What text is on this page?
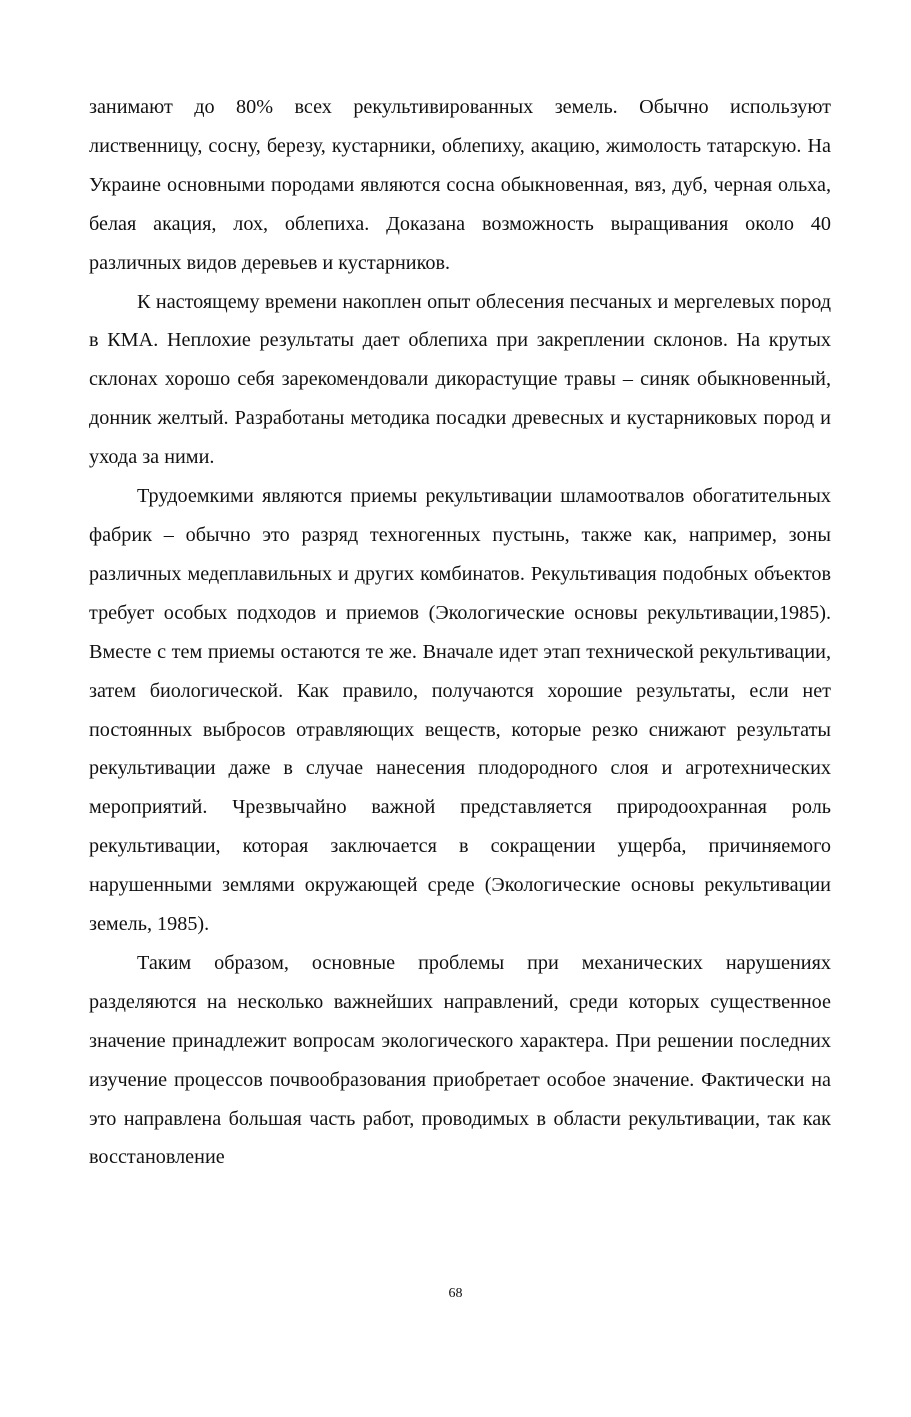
занимают до 80% всех рекультивированных земель. Обычно используют лиственницу, сосну, березу, кустарники, облепиху, акацию, жимолость татарскую. На Украине основными породами являются сосна обыкновенная, вяз, дуб, черная ольха, белая акация, лох, облепиха. Доказана возможность выращивания около 40 различных видов деревьев и кустарников.

К настоящему времени накоплен опыт облесения песчаных и мергелевых пород в КМА. Неплохие результаты дает облепиха при закреплении склонов. На крутых склонах хорошо себя зарекомендовали дикорастущие травы – синяк обыкновенный, донник желтый. Разработаны методика посадки древесных и кустарниковых пород и ухода за ними.

Трудоемкими являются приемы рекультивации шламоотвалов обогатительных фабрик – обычно это разряд техногенных пустынь, также как, например, зоны различных медеплавильных и других комбинатов. Рекультивация подобных объектов требует особых подходов и приемов (Экологические основы рекультивации,1985). Вместе с тем приемы остаются те же. Вначале идет этап технической рекультивации, затем биологической. Как правило, получаются хорошие результаты, если нет постоянных выбросов отравляющих веществ, которые резко снижают результаты рекультивации даже в случае нанесения плодородного слоя и агротехнических мероприятий. Чрезвычайно важной представляется природоохранная роль рекультивации, которая заключается в сокращении ущерба, причиняемого нарушенными землями окружающей среде (Экологические основы рекультивации земель, 1985).

Таким образом, основные проблемы при механических нарушениях разделяются на несколько важнейших направлений, среди которых существенное значение принадлежит вопросам экологического характера. При решении последних изучение процессов почвообразования приобретает особое значение. Фактически на это направлена большая часть работ, проводимых в области рекультивации, так как восстановление

68
